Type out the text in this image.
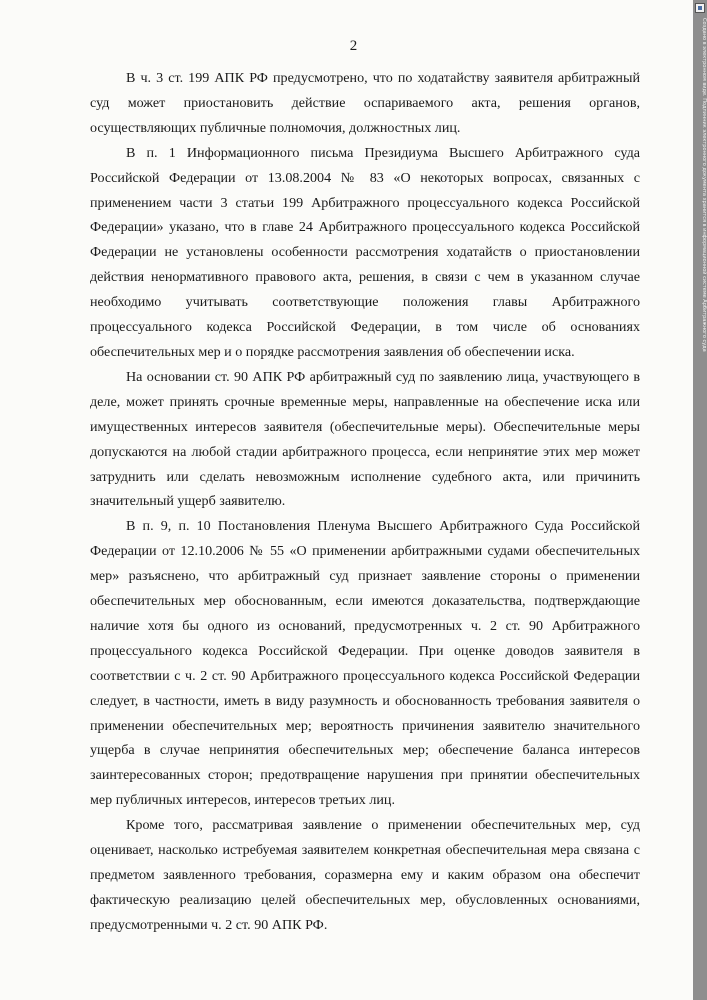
2

В ч. 3 ст. 199 АПК РФ предусмотрено, что по ходатайству заявителя арбитражный суд может приостановить действие оспариваемого акта, решения органов, осуществляющих публичные полномочия, должностных лиц.

В п. 1 Информационного письма Президиума Высшего Арбитражного суда Российской Федерации от 13.08.2004 № 83 «О некоторых вопросах, связанных с применением части 3 статьи 199 Арбитражного процессуального кодекса Российской Федерации» указано, что в главе 24 Арбитражного процессуального кодекса Российской Федерации не установлены особенности рассмотрения ходатайств о приостановлении действия ненормативного правового акта, решения, в связи с чем в указанном случае необходимо учитывать соответствующие положения главы Арбитражного процессуального кодекса Российской Федерации, в том числе об основаниях обеспечительных мер и о порядке рассмотрения заявления об обеспечении иска.

На основании ст. 90 АПК РФ арбитражный суд по заявлению лица, участвующего в деле, может принять срочные временные меры, направленные на обеспечение иска или имущественных интересов заявителя (обеспечительные меры). Обеспечительные меры допускаются на любой стадии арбитражного процесса, если непринятие этих мер может затруднить или сделать невозможным исполнение судебного акта, или причинить значительный ущерб заявителю.

В п. 9, п. 10 Постановления Пленума Высшего Арбитражного Суда Российской Федерации от 12.10.2006 № 55 «О применении арбитражными судами обеспечительных мер» разъяснено, что арбитражный суд признает заявление стороны о применении обеспечительных мер обоснованным, если имеются доказательства, подтверждающие наличие хотя бы одного из оснований, предусмотренных ч. 2 ст. 90 Арбитражного процессуального кодекса Российской Федерации. При оценке доводов заявителя в соответствии с ч. 2 ст. 90 Арбитражного процессуального кодекса Российской Федерации следует, в частности, иметь в виду разумность и обоснованность требования заявителя о применении обеспечительных мер; вероятность причинения заявителю значительного ущерба в случае непринятия обеспечительных мер; обеспечение баланса интересов заинтересованных сторон; предотвращение нарушения при принятии обеспечительных мер публичных интересов, интересов третьих лиц.

Кроме того, рассматривая заявление о применении обеспечительных мер, суд оценивает, насколько истребуемая заявителем конкретная обеспечительная мера связана с предметом заявленного требования, соразмерна ему и каким образом она обеспечит фактическую реализацию целей обеспечительных мер, обусловленных основаниями, предусмотренными ч. 2 ст. 90 АПК РФ.

Создано в электронном виде. Подлинник электронного документа хранится в информационной системе Арбитражного суда
